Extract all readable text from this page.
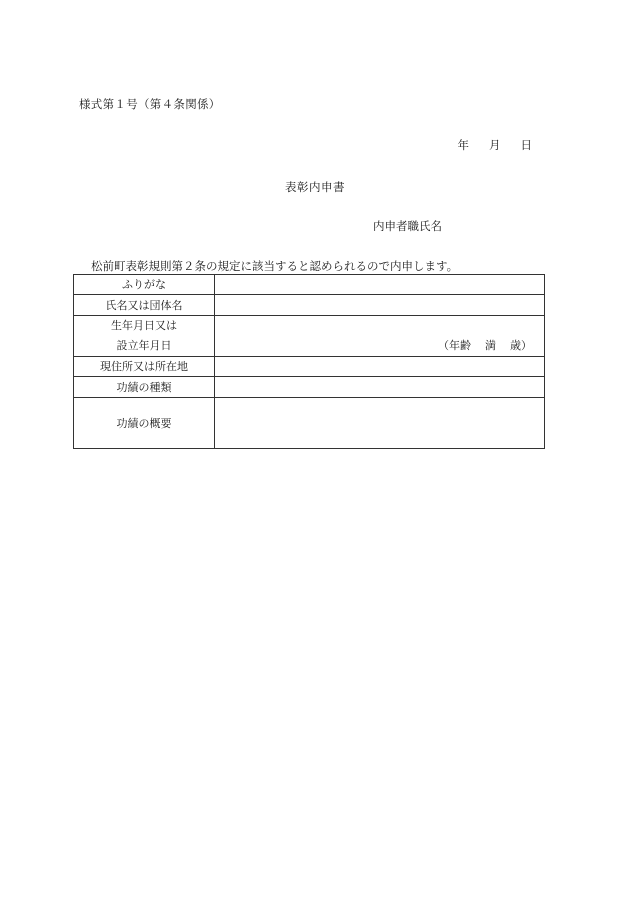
様式第１号（第４条関係）
年 月 日
表彰内申書
内申者職氏名
松前町表彰規則第２条の規定に該当すると認められるので内申します。
ふりがな	
氏名又は団体名	

生年月日又は
設立年月日	（年齢 満 歳）

現住所又は所在地	
功績の種類	
功績の概要	
